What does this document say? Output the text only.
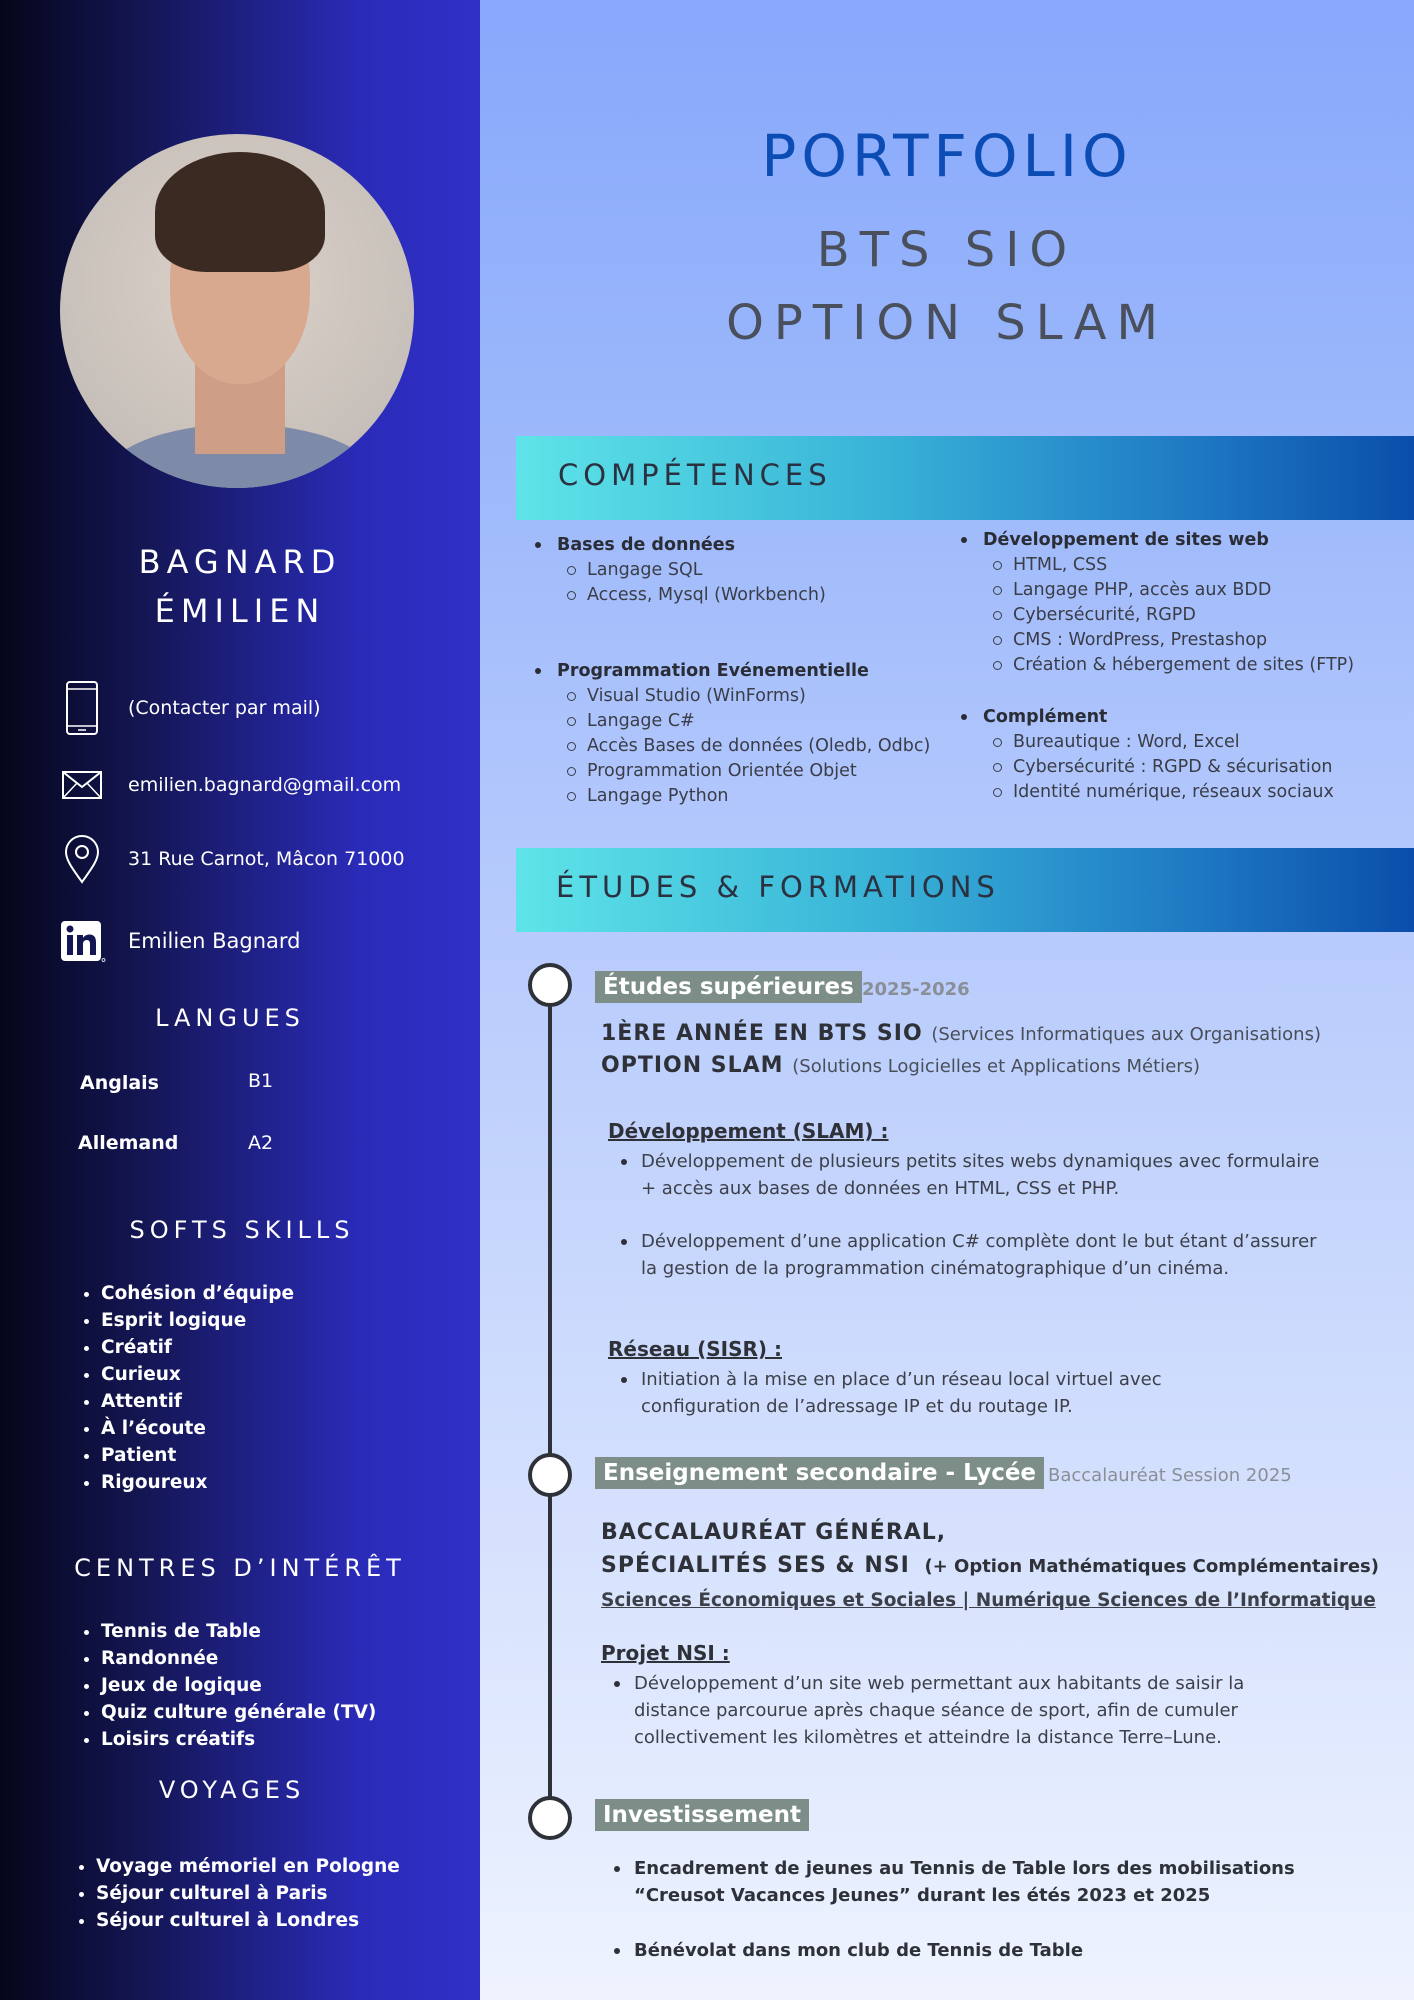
BAGNARD
ÉMILIEN
(Contacter par mail)
emilien.bagnard@gmail.com
31 Rue Carnot, Mâcon 71000
Emilien Bagnard
LANGUES
Anglais	B1
Allemand	A2
SOFTS SKILLS
• Cohésion d’équipe
• Esprit logique
• Créatif
• Curieux
• Attentif
• À l’écoute
• Patient
• Rigoureux
CENTRES D’INTÉRÊT
• Tennis de Table
• Randonnée
• Jeux de logique
• Quiz culture générale (TV)
• Loisirs créatifs
VOYAGES
• Voyage mémoriel en Pologne
• Séjour culturel à Paris
• Séjour culturel à Londres
PORTFOLIO
BTS SIO
OPTION SLAM
COMPÉTENCES
Bases de données
Langage SQL
Access, Mysql (Workbench)
Programmation Evénementielle
Visual Studio (WinForms)
Langage C#
Accès Bases de données (Oledb, Odbc)
Programmation Orientée Objet
Langage Python
Développement de sites web
HTML, CSS
Langage PHP, accès aux BDD
Cybersécurité, RGPD
CMS : WordPress, Prestashop
Création & hébergement de sites (FTP)
Complément
Bureautique : Word, Excel
Cybersécurité : RGPD & sécurisation
Identité numérique, réseaux sociaux
ÉTUDES & FORMATIONS
Études supérieures 2025-2026
1ÈRE ANNÉE EN BTS SIO (Services Informatiques aux Organisations)
OPTION SLAM (Solutions Logicielles et Applications Métiers)
Développement (SLAM) :
Développement de plusieurs petits sites webs dynamiques avec formulaire + accès aux bases de données en HTML, CSS et PHP.
Développement d’une application C# complète dont le but étant d’assurer la gestion de la programmation cinématographique d’un cinéma.
Réseau (SISR) :
Initiation à la mise en place d’un réseau local virtuel avec configuration de l’adressage IP et du routage IP.
Enseignement secondaire - Lycée Baccalauréat Session 2025
BACCALAURÉAT GÉNÉRAL,
SPÉCIALITÉS SES & NSI (+ Option Mathématiques Complémentaires)
Sciences Économiques et Sociales | Numérique Sciences de l’Informatique
Projet NSI :
Développement d’un site web permettant aux habitants de saisir la distance parcourue après chaque séance de sport, afin de cumuler collectivement les kilomètres et atteindre la distance Terre–Lune.
Investissement
Encadrement de jeunes au Tennis de Table lors des mobilisations “Creusot Vacances Jeunes” durant les étés 2023 et 2025
Bénévolat dans mon club de Tennis de Table
